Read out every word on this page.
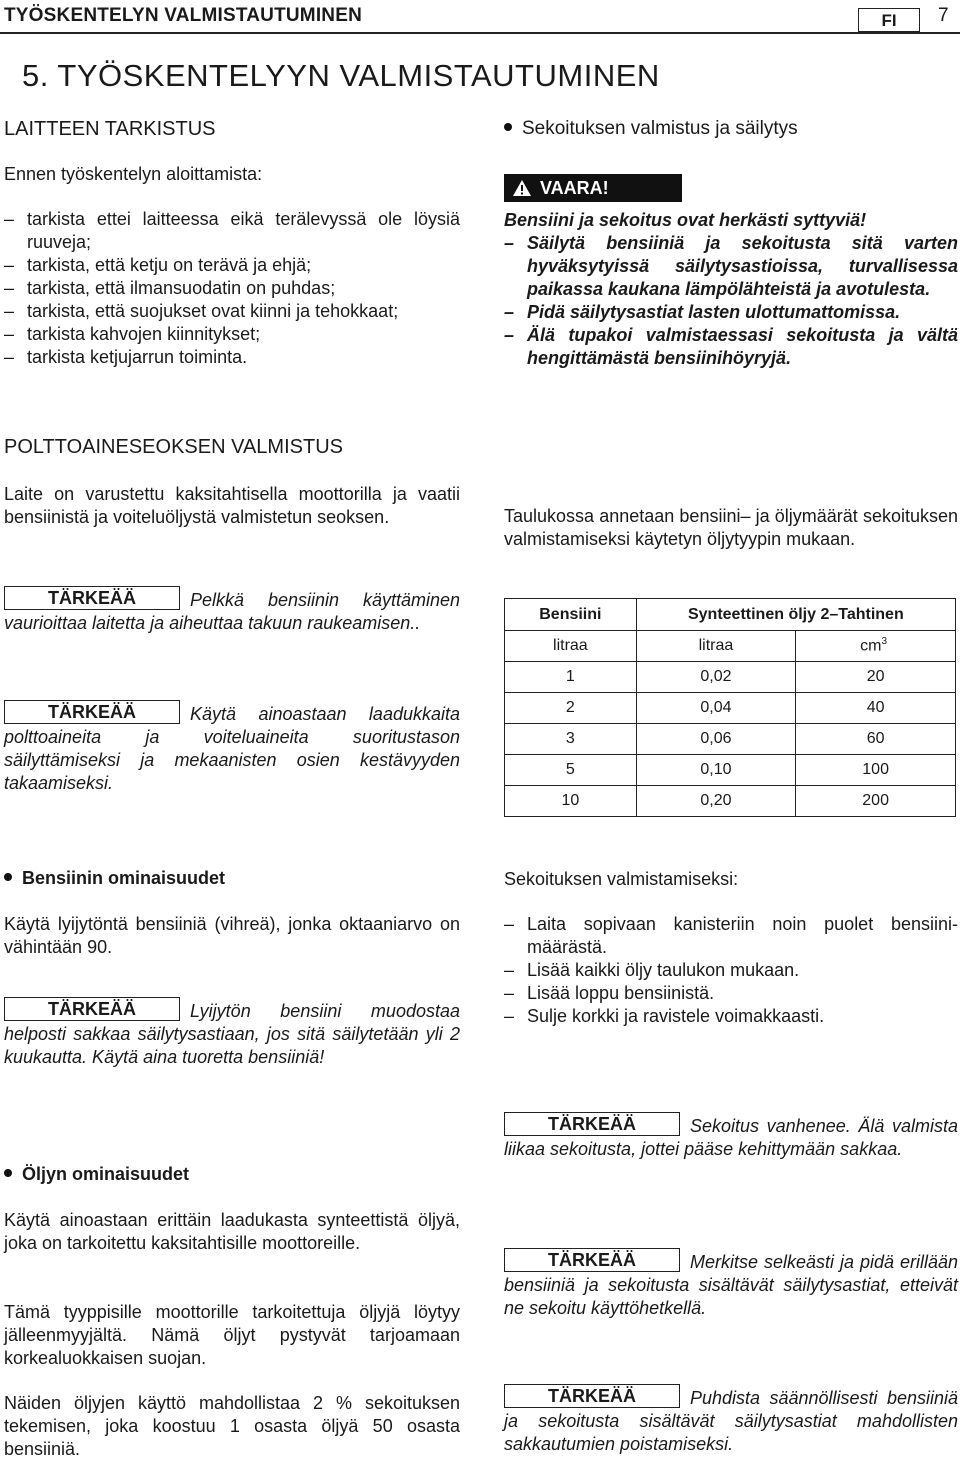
TYÖSKENTELYN VALMISTAUTUMINEN	FI	7
5. TYÖSKENTELYYN VALMISTAUTUMINEN
LAITTEEN TARKISTUS
Ennen työskentelyn aloittamista:
– tarkista ettei laitteessa eikä terälevyssä ole löysiä ruuveja;
– tarkista, että ketju on terävä ja ehjä;
– tarkista, että ilmansuodatin on puhdas;
– tarkista, että suojukset ovat kiinni ja tehokkaat;
– tarkista kahvojen kiinnitykset;
– tarkista ketjujarrun toiminta.
POLTTOAINESEOKSEN VALMISTUS
Laite on varustettu kaksitahtisella moottorilla ja vaatii bensiinistä ja voiteluöljystä valmistetun seoksen.
TÄRKEÄÄ	Pelkkä bensiinin käyttäminen vaurioittaa laitetta ja aiheuttaa takuun raukeamisen..
TÄRKEÄÄ	Käytä ainoastaan laadukkaita polttoaineita ja voiteluaineita suoritustason säilyttämiseksi ja mekaanisten osien kestävyyden takaamiseksi.
Bensiinin ominaisuudet
Käytä lyijytöntä bensiiniä (vihreä), jonka oktaaniarvo on vähintään 90.
TÄRKEÄÄ	Lyijytön bensiini muodostaa helposti sakkaa säilytysastiaan, jos sitä säilytetään yli 2 kuukautta. Käytä aina tuoretta bensiiniä!
Öljyn ominaisuudet
Käytä ainoastaan erittäin laadukasta synteettistä öljyä, joka on tarkoitettu kaksitahtisille moottoreille.
Tämä tyyppisille moottorille tarkoitettuja öljyjä löytyy jälleenmyyjältä. Nämä öljyt pystyvät tarjoamaan korkealuokkaisen suojan.
Näiden öljyjen käyttö mahdollistaa 2 % sekoituksen tekemisen, joka koostuu 1 osasta öljyä 50 osasta bensiiniä.
Sekoituksen valmistus ja säilytys
VAARA!
Bensiini ja sekoitus ovat herkästi syttyviä!
– Säilytä bensiiniä ja sekoitusta sitä varten hyväksytyissä säilytysastioissa, turvallisessa paikassa kaukana lämpölähteistä ja avotulesta.
– Pidä säilytysastiat lasten ulottumattomissa.
– Älä tupakoi valmistaessasi sekoitusta ja vältä hengittämästä bensiinihöyryjä.
Taulukossa annetaan bensiini– ja öljymäärät sekoituksen valmistamiseksi käytetyn öljytyypin mukaan.
Bensiini	Synteettinen öljy 2–Tahtinen	
litraa	litraa	$cm^3$
1	0,02	20
2	0,04	40
3	0,06	60
5	0,10	100
10	0,20	200
Sekoituksen valmistamiseksi:
– Laita sopivaan kanisteriin noin puolet bensiinimäärästä.
– Lisää kaikki öljy taulukon mukaan.
– Lisää loppu bensiinistä.
– Sulje korkki ja ravistele voimakkaasti.
TÄRKEÄÄ	Sekoitus vanhenee. Älä valmista liikaa sekoitusta, jottei pääse kehittymään sakkaa.
TÄRKEÄÄ	Merkitse selkeästi ja pidä erillään bensiiniä ja sekoitusta sisältävät säilytysastiat, etteivät ne sekoitu käyttöhetkellä.
TÄRKEÄÄ	Puhdista säännöllisesti bensiiniä ja sekoitusta sisältävät säilytysastiat mahdollisten sakkautumien poistamiseksi.
